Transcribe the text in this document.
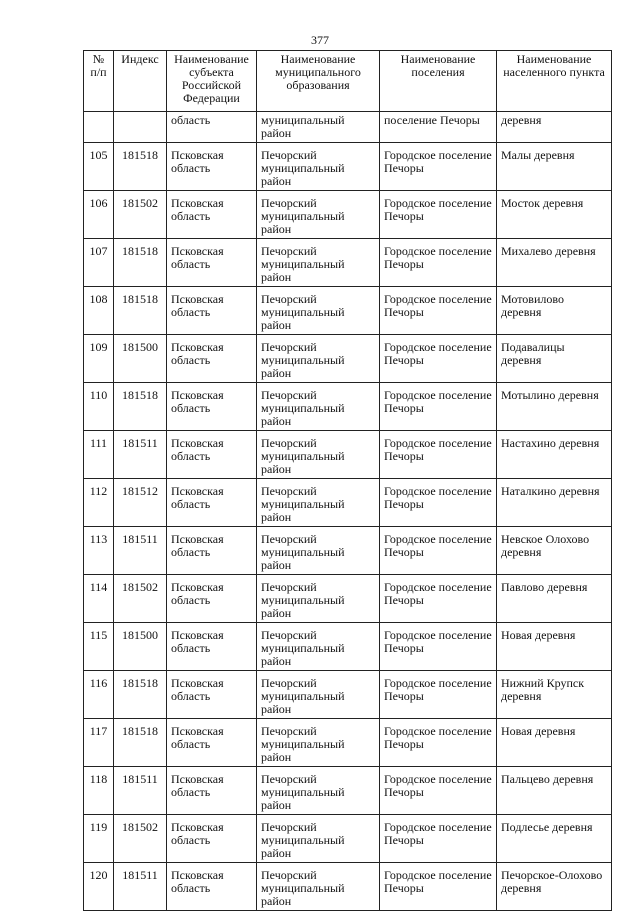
377
№ п/п	Индекс	Наименование субъекта Российской Федерации	Наименование муниципального образования	Наименование поселения	Наименование населенного пункта
		область	муниципальный район	поселение Печоры	деревня
105	181518	Псковская область	Печорский муниципальный район	Городское поселение Печоры	Малы деревня
106	181502	Псковская область	Печорский муниципальный район	Городское поселение Печоры	Мосток деревня
107	181518	Псковская область	Печорский муниципальный район	Городское поселение Печоры	Михалево деревня
108	181518	Псковская область	Печорский муниципальный район	Городское поселение Печоры	Мотовилово деревня
109	181500	Псковская область	Печорский муниципальный район	Городское поселение Печоры	Подавалицы деревня
110	181518	Псковская область	Печорский муниципальный район	Городское поселение Печоры	Мотылино деревня
111	181511	Псковская область	Печорский муниципальный район	Городское поселение Печоры	Настахино деревня
112	181512	Псковская область	Печорский муниципальный район	Городское поселение Печоры	Наталкино деревня
113	181511	Псковская область	Печорский муниципальный район	Городское поселение Печоры	Невское Олохово деревня
114	181502	Псковская область	Печорский муниципальный район	Городское поселение Печоры	Павлово деревня
115	181500	Псковская область	Печорский муниципальный район	Городское поселение Печоры	Новая деревня
116	181518	Псковская область	Печорский муниципальный район	Городское поселение Печоры	Нижний Крупск деревня
117	181518	Псковская область	Печорский муниципальный район	Городское поселение Печоры	Новая деревня
118	181511	Псковская область	Печорский муниципальный район	Городское поселение Печоры	Пальцево деревня
119	181502	Псковская область	Печорский муниципальный район	Городское поселение Печоры	Подлесье деревня
120	181511	Псковская область	Печорский муниципальный район	Городское поселение Печоры	Печорское-Олохово деревня
